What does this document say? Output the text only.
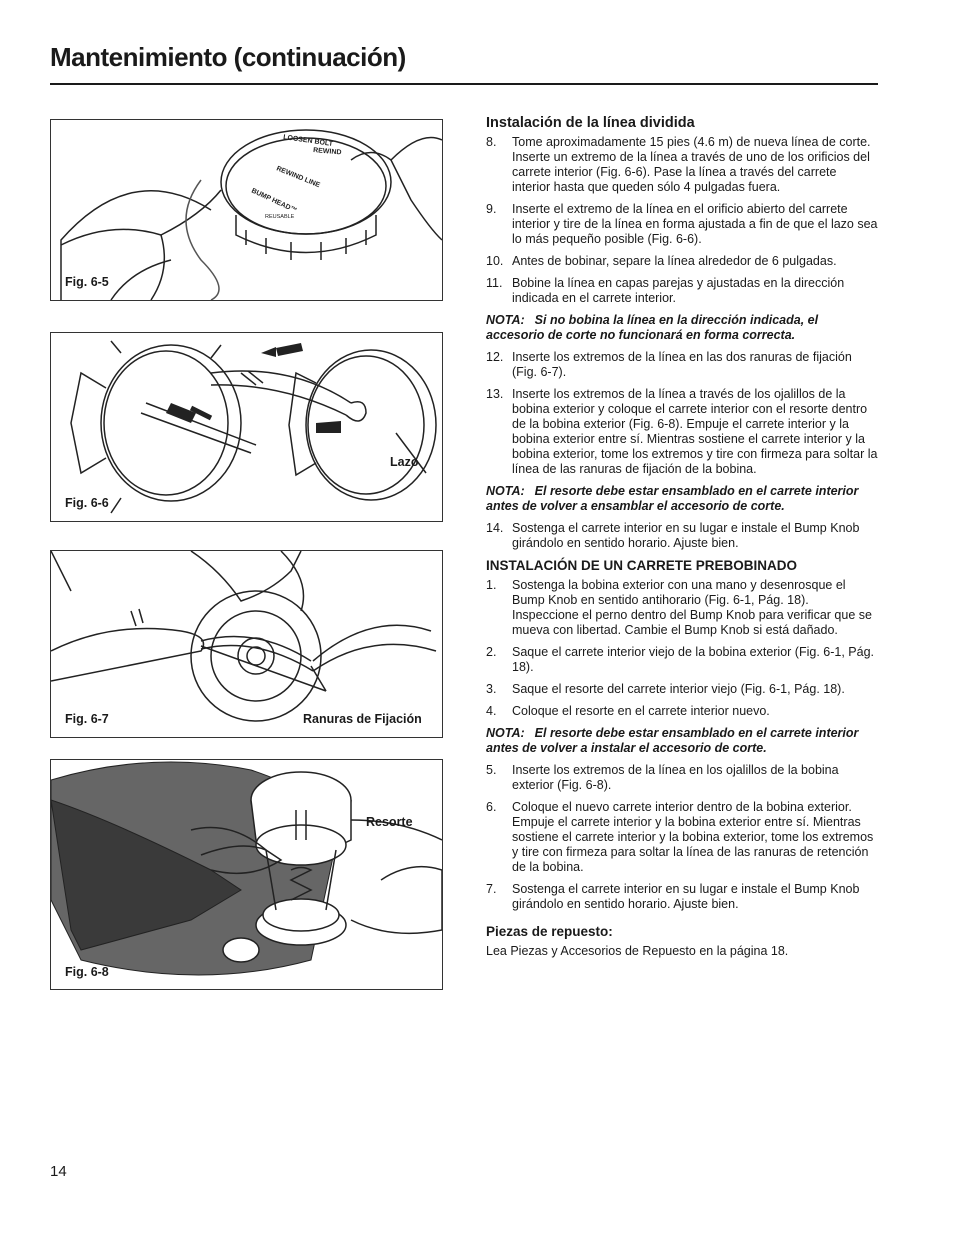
Mantenimiento (continuación)
LOOSEN BOLT
REWIND
REWIND LINE
BUMP HEAD™
REUSABLE
Fig. 6-5
Lazo
Fig. 6-6
Fig. 6-7	Ranuras de Fijación
Resorte
Fig. 6-8
Instalación de la línea dividida
8.	Tome aproximadamente 15 pies (4.6 m) de nueva línea de corte. Inserte un extremo de la línea a través de uno de los orificios del carrete interior (Fig. 6-6). Pase la línea a través del carrete interior hasta que queden sólo 4 pulgadas fuera.
9.	Inserte el extremo de la línea en el orificio abierto del carrete interior y tire de la línea en forma ajustada a fin de que el lazo sea lo más pequeño posible (Fig. 6-6).
10. Antes de bobinar, separe la línea alrededor de 6 pulgadas.
11. Bobine la línea en capas parejas y ajustadas en la dirección indicada en el carrete interior.

NOTA: Si no bobina la línea en la dirección indicada, el accesorio de corte no funcionará en forma correcta.

12. Inserte los extremos de la línea en las dos ranuras de fijación (Fig. 6-7).
13. Inserte los extremos de la línea a través de los ojalillos de la bobina exterior y coloque el carrete interior con el resorte dentro de la bobina exterior (Fig. 6-8). Empuje el carrete interior y la bobina exterior entre sí. Mientras sostiene el carrete interior y la bobina exterior, tome los extremos y tire con firmeza para soltar la línea de las ranuras de fijación de la bobina.

NOTA: El resorte debe estar ensamblado en el carrete interior antes de volver a ensamblar el accesorio de corte.

14. Sostenga el carrete interior en su lugar e instale el Bump Knob girándolo en sentido horario. Ajuste bien.
INSTALACIÓN DE UN CARRETE PREBOBINADO
1.	Sostenga la bobina exterior con una mano y desenrosque el Bump Knob en sentido antihorario (Fig. 6-1, Pág. 18). Inspeccione el perno dentro del Bump Knob para verificar que se mueva con libertad. Cambie el Bump Knob si está dañado.
2.	Saque el carrete interior viejo de la bobina exterior (Fig. 6-1, Pág. 18).
3.	Saque el resorte del carrete interior viejo (Fig. 6-1, Pág. 18).
4.	Coloque el resorte en el carrete interior nuevo.

NOTA: El resorte debe estar ensamblado en el carrete interior antes de volver a instalar el accesorio de corte.

5.	Inserte los extremos de la línea en los ojalillos de la bobina exterior (Fig. 6-8).
6.	Coloque el nuevo carrete interior dentro de la bobina exterior. Empuje el carrete interior y la bobina exterior entre sí. Mientras sostiene el carrete interior y la bobina exterior, tome los extremos y tire con firmeza para soltar la línea de las ranuras de retención de la bobina.
7.	Sostenga el carrete interior en su lugar e instale el Bump Knob girándolo en sentido horario. Ajuste bien.
Piezas de repuesto:

Lea Piezas y Accesorios de Repuesto en la página 18.

14
